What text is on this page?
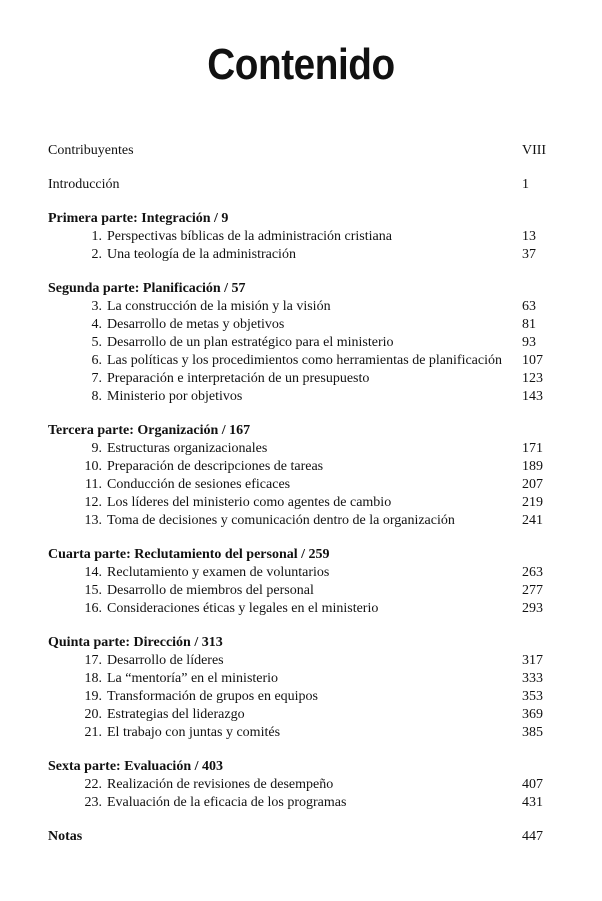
Contenido
Contribuyentes	VIII
Introducción	1
Primera parte: Integración / 9
1. Perspectivas bíblicas de la administración cristiana	13
2. Una teología de la administración	37
Segunda parte: Planificación / 57
3. La construcción de la misión y la visión	63
4. Desarrollo de metas y objetivos	81
5. Desarrollo de un plan estratégico para el ministerio	93
6. Las políticas y los procedimientos como herramientas de planificación	107
7. Preparación e interpretación de un presupuesto	123
8. Ministerio por objetivos	143
Tercera parte: Organización / 167
9. Estructuras organizacionales	171
10. Preparación de descripciones de tareas	189
11. Conducción de sesiones eficaces	207
12. Los líderes del ministerio como agentes de cambio	219
13. Toma de decisiones y comunicación dentro de la organización	241
Cuarta parte: Reclutamiento del personal / 259
14. Reclutamiento y examen de voluntarios	263
15. Desarrollo de miembros del personal	277
16. Consideraciones éticas y legales en el ministerio	293
Quinta parte: Dirección / 313
17. Desarrollo de líderes	317
18. La “mentoría” en el ministerio	333
19. Transformación de grupos en equipos	353
20. Estrategias del liderazgo	369
21. El trabajo con juntas y comités	385
Sexta parte: Evaluación / 403
22. Realización de revisiones de desempeño	407
23. Evaluación de la eficacia de los programas	431
Notas	447
